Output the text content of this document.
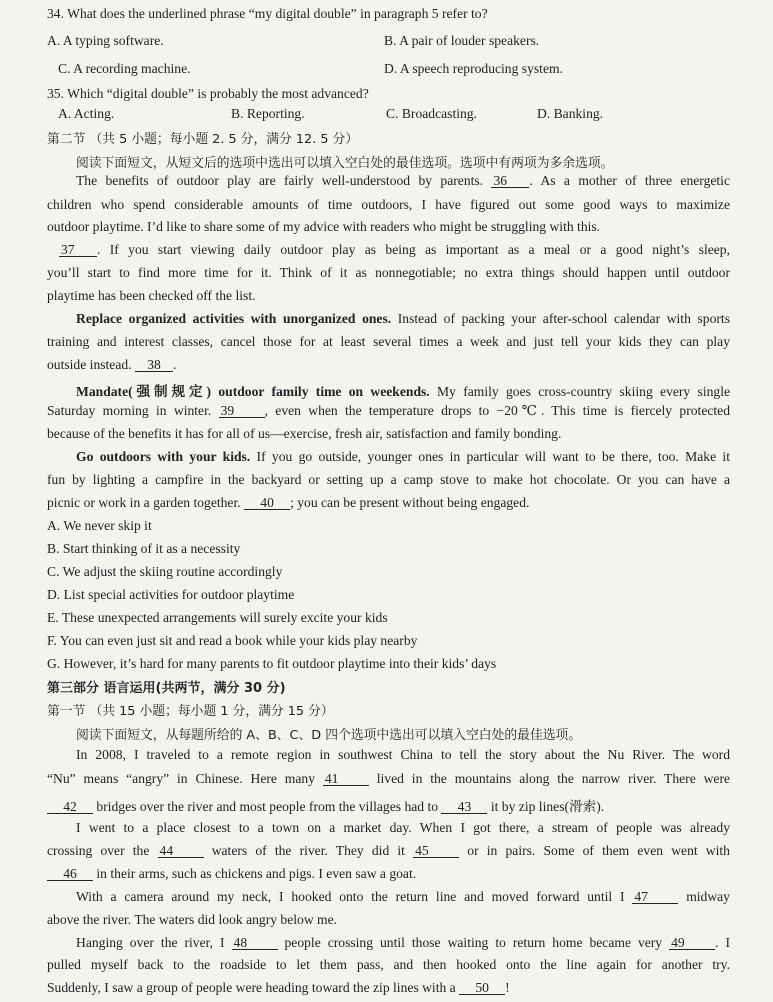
34. What does the underlined phrase “my digital double” in paragraph 5 refer to?
A. A typing software.	B. A pair of louder speakers.
C. A recording machine.	D. A speech reproducing system.
35. Which “digital double” is probably the most advanced?
A. Acting.	B. Reporting.	C. Broadcasting.	D. Banking.
第二节 （共 5 小题；每小题 2. 5 分，满分 12. 5 分）
阅读下面短文，从短文后的选项中选出可以填入空白处的最佳选项。选项中有两项为多余选项。
The benefits of outdoor play are fairly well-understood by parents. 36 . As a mother of three energetic
children who spend considerable amounts of time outdoors, I have figured out some good ways to maximize
outdoor playtime. I’d like to share some of my advice with readers who might be struggling with this.
37 . If you start viewing daily outdoor play as being as important as a meal or a good night’s sleep,
you’ll start to find more time for it. Think of it as nonnegotiable; no extra things should happen until outdoor
playtime has been checked off the list.
Replace organized activities with unorganized ones. Instead of packing your after-school calendar with sports
training and interest classes, cancel those for at least several times a week and just tell your kids they can play
outside instead. 38 .
Mandate(强制规定) outdoor family time on weekends. My family goes cross-country skiing every single
Saturday morning in winter. 39 , even when the temperature drops to −20℃. This time is fiercely protected
because of the benefits it has for all of us—exercise, fresh air, satisfaction and family bonding.
Go outdoors with your kids. If you go outside, younger ones in particular will want to be there, too. Make it
fun by lighting a campfire in the backyard or setting up a camp stove to make hot chocolate. Or you can have a
picnic or work in a garden together. 40 ; you can be present without being engaged.
A. We never skip it
B. Start thinking of it as a necessity
C. We adjust the skiing routine accordingly
D. List special activities for outdoor playtime
E. These unexpected arrangements will surely excite your kids
F. You can even just sit and read a book while your kids play nearby
G. However, it’s hard for many parents to fit outdoor playtime into their kids’ days
第三部分 语言运用(共两节，满分 30 分)
第一节 （共 15 小题；每小题 1 分，满分 15 分）
阅读下面短文，从每题所给的 A、B、C、D 四个选项中选出可以填入空白处的最佳选项。
In 2008, I traveled to a remote region in southwest China to tell the story about the Nu River. The word
“Nu” means “angry” in Chinese. Here many 41	lived in the mountains along the narrow river. There were
42 bridges over the river and most people from the villages had to 43 it by zip lines(滑索).
I went to a place closest to a town on a market day. When I got there, a stream of people was already
crossing over the 44	waters of the river. They did it 45	or in pairs. Some of them even went with
46 in their arms, such as chickens and pigs. I even saw a goat.
With a camera around my neck, I hooked onto the return line and moved forward until I 47	midway
above the river. The waters did look angry below me.
Hanging over the river, I 48	people crossing until those waiting to return home became very 49 . I
pulled myself back to the roadside to let them pass, and then hooked onto the line again for another try.
Suddenly, I saw a group of people were heading toward the zip lines with a 50 !
